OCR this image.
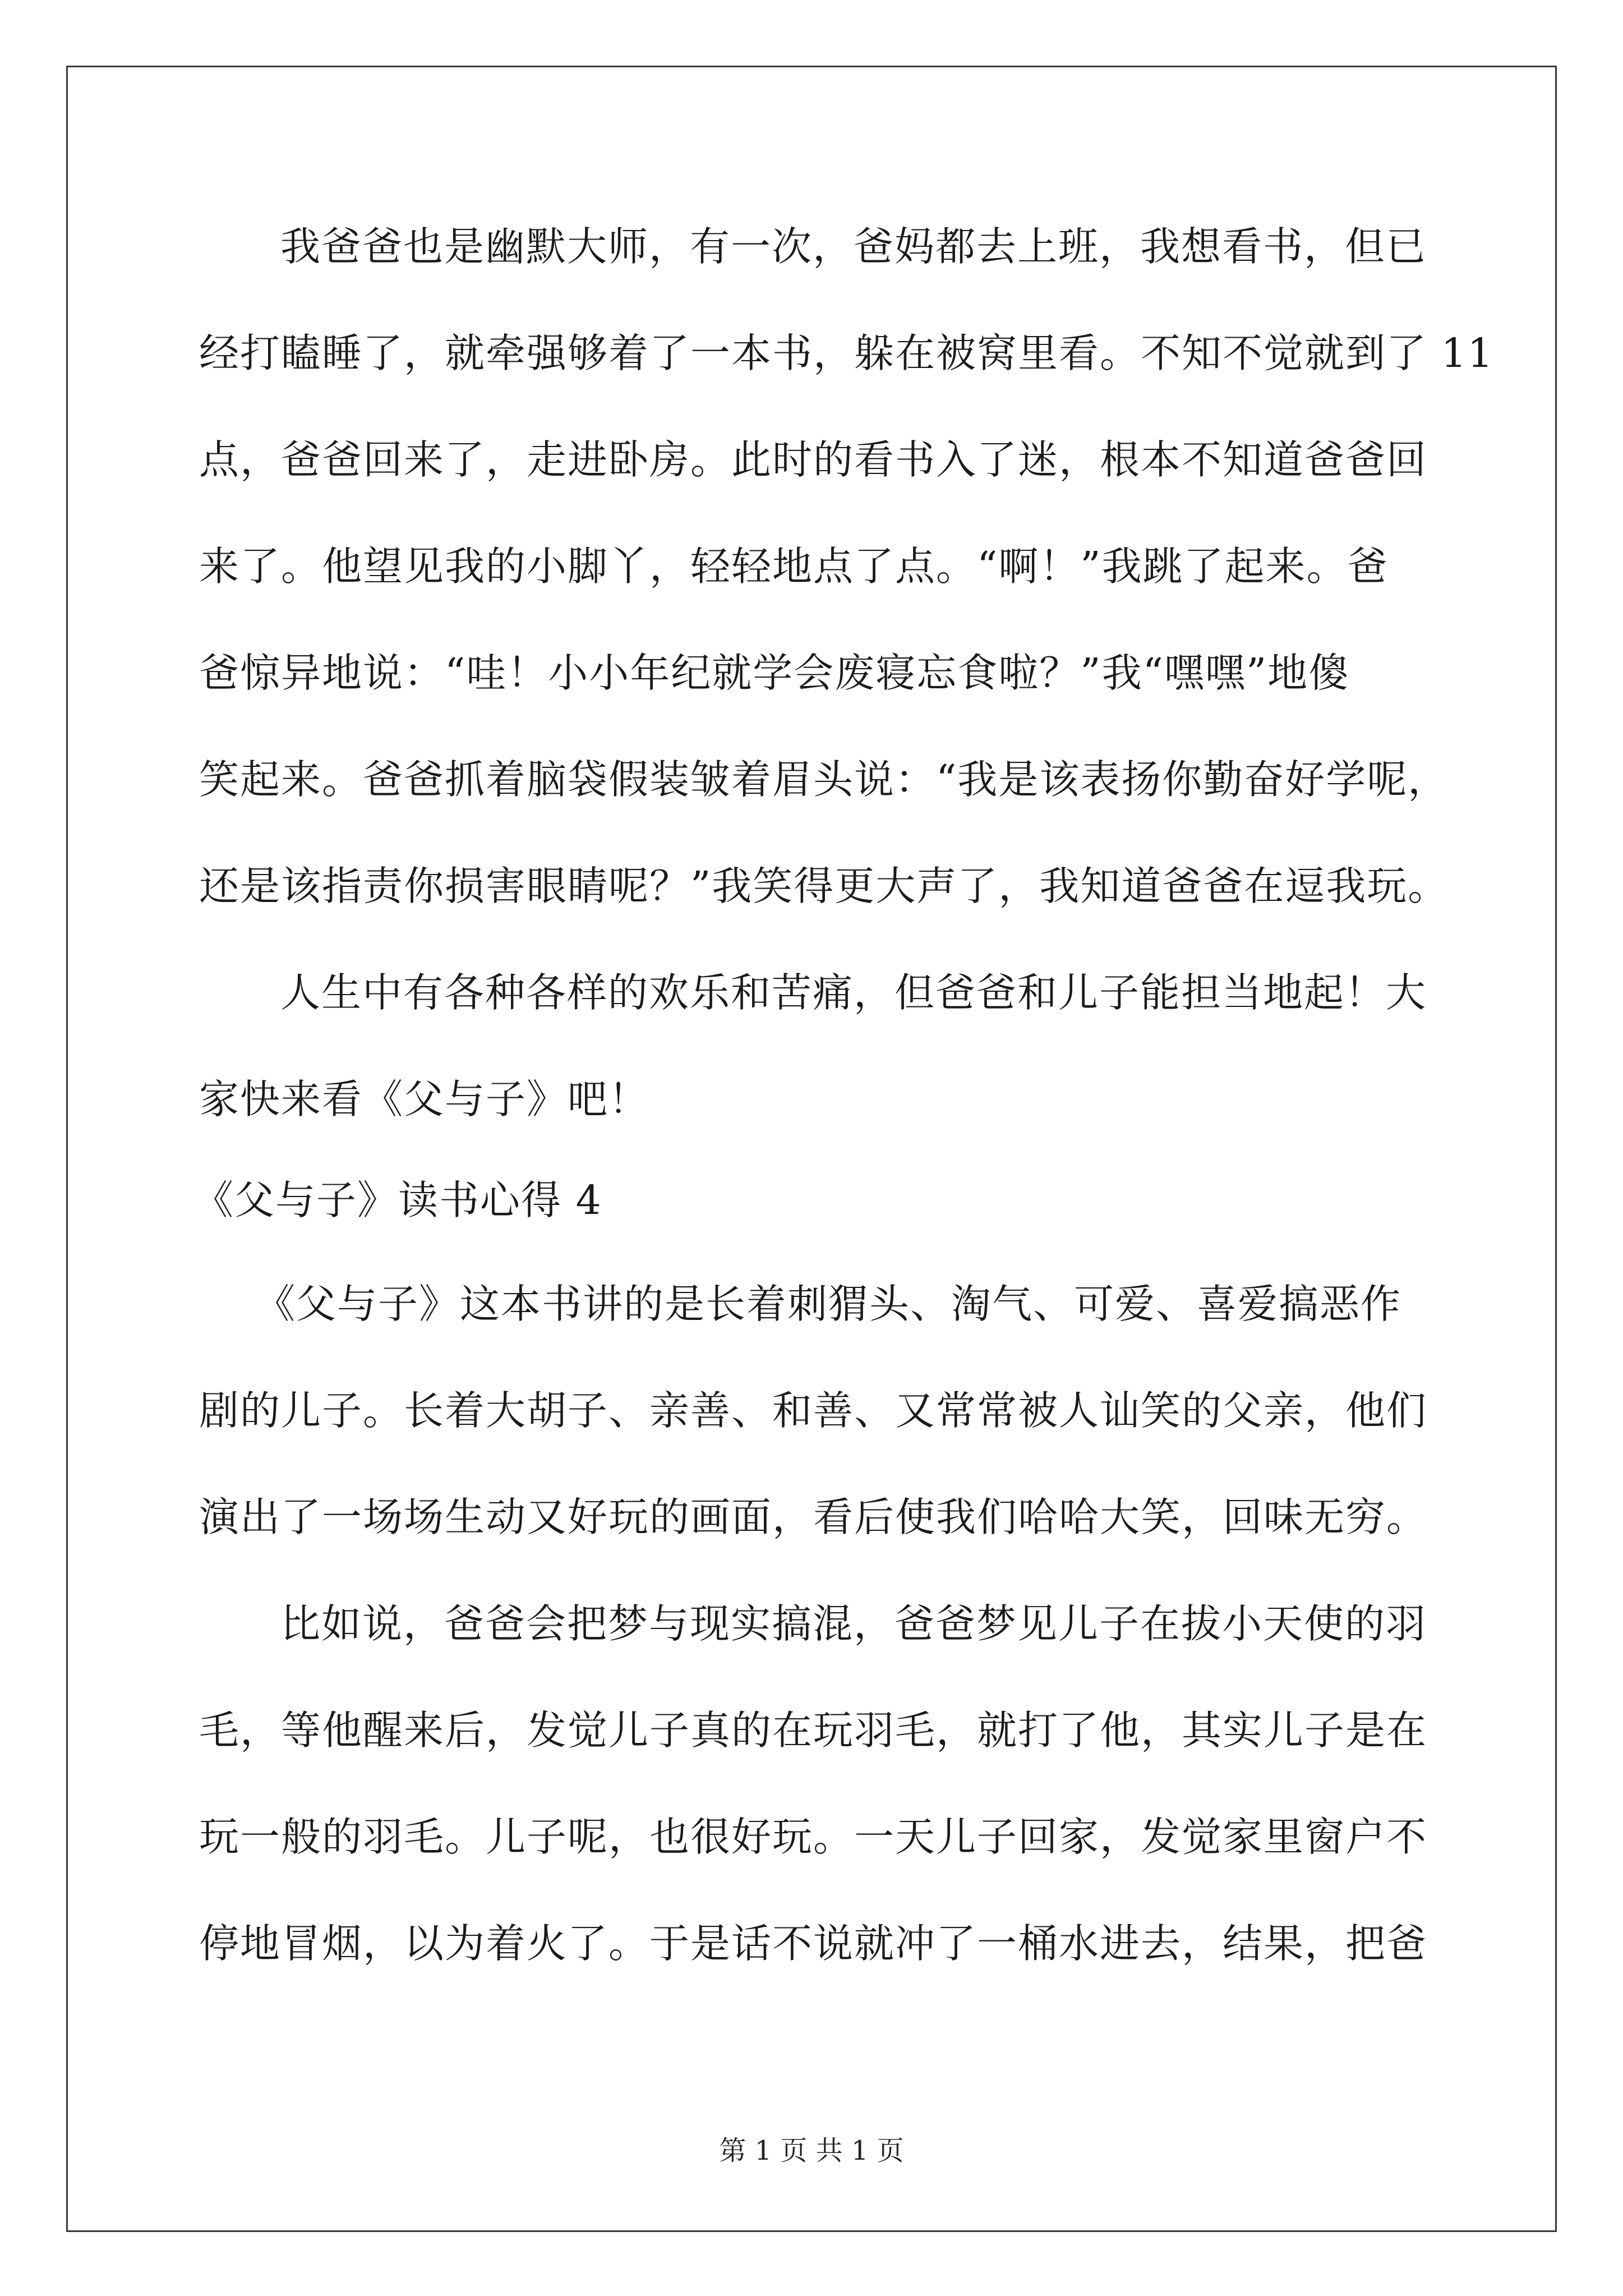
我爸爸也是幽默大师，有一次，爸妈都去上班，我想看书，但已
经打瞌睡了，就牵强够着了一本书，躲在被窝里看。不知不觉就到了 11
点，爸爸回来了，走进卧房。此时的看书入了迷，根本不知道爸爸回
来了。他望见我的小脚丫，轻轻地点了点。“啊！”我跳了起来。爸
爸惊异地说：“哇！小小年纪就学会废寝忘食啦？”我“嘿嘿”地傻
笑起来。爸爸抓着脑袋假装皱着眉头说：“我是该表扬你勤奋好学呢，
还是该指责你损害眼睛呢？”我笑得更大声了，我知道爸爸在逗我玩。
人生中有各种各样的欢乐和苦痛，但爸爸和儿子能担当地起！大
家快来看《父与子》吧！
《父与子》读书心得 4
《父与子》这本书讲的是长着刺猬头、淘气、可爱、喜爱搞恶作
剧的儿子。长着大胡子、亲善、和善、又常常被人讪笑的父亲，他们
演出了一场场生动又好玩的画面，看后使我们哈哈大笑，回味无穷。
比如说，爸爸会把梦与现实搞混，爸爸梦见儿子在拔小天使的羽
毛，等他醒来后，发觉儿子真的在玩羽毛，就打了他，其实儿子是在
玩一般的羽毛。儿子呢，也很好玩。一天儿子回家，发觉家里窗户不
停地冒烟，以为着火了。于是话不说就冲了一桶水进去，结果，把爸
第 1 页 共 1 页
